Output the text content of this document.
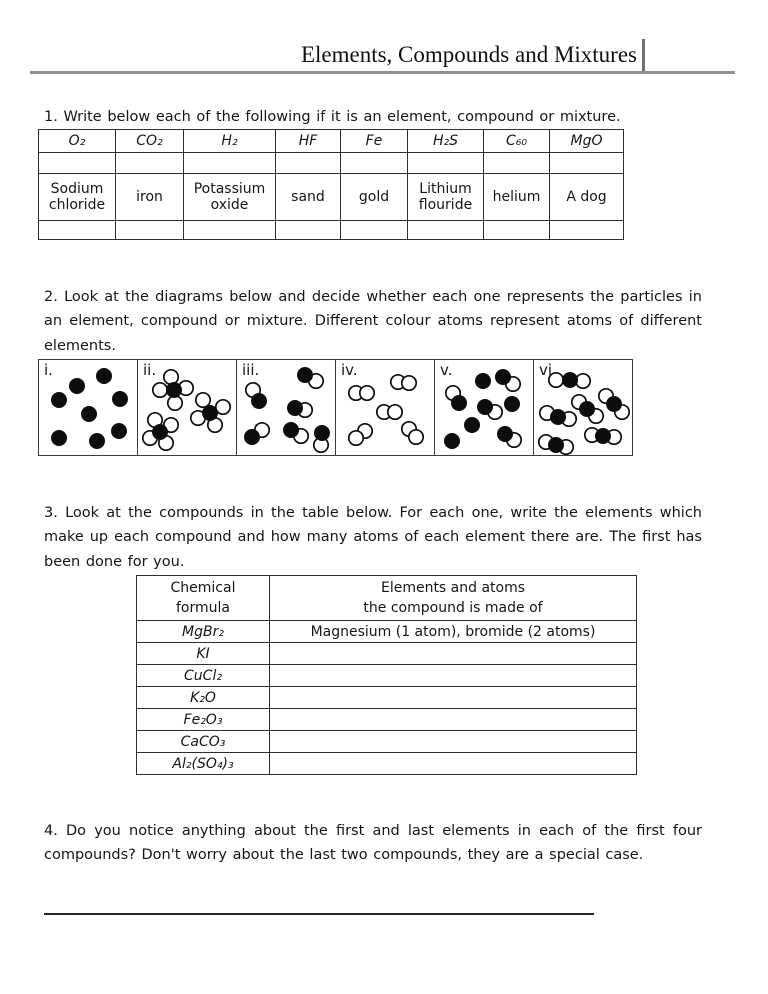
Elements, Compounds and Mixtures

1. Write below each of the following if it is an element, compound or mixture.

O₂	CO₂	H₂	HF	Fe	H₂S	C₆₀	MgO

Sodium chloride	iron	Potassium oxide	sand	gold	Lithium flouride	helium	A dog

2. Look at the diagrams below and decide whether each one represents the particles in an element, compound or mixture. Different colour atoms represent atoms of different elements.

i.	ii.	iii.	iv.	v.	vi

3. Look at the compounds in the table below. For each one, write the elements which make up each compound and how many atoms of each element there are. The first has been done for you.

Chemical
formula

Elements and atoms
the compound is made of

MgBr₂	Magnesium (1 atom), bromide (2 atoms)
KI	
CuCl₂	
K₂O	
Fe₂O₃	
CaCO₃	
Al₂(SO₄)₃	

4. Do you notice anything about the first and last elements in each of the first four compounds? Don't worry about the last two compounds, they are a special case.
